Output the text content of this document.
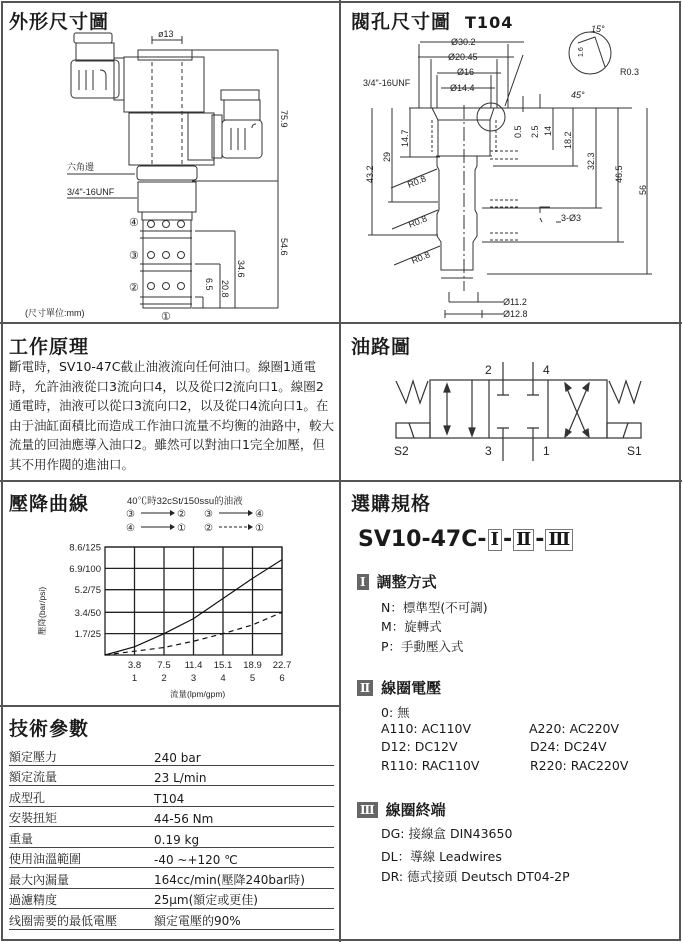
外形尺寸圖	閥孔尺寸圖 T104
工作原理	油路圖
壓降曲線	選購規格
技術參數
斷電時，SV10-47C截止油液流向任何油口。線圈1通電時，允許油液從口3流向口4，以及從口2流向口1。線圈2通電時，油液可以從口3流向口2，以及從口4流向口1。在由于油缸面積比而造成工作油口流量不均衡的油路中，較大流量的回油應導入油口2。雖然可以對油口1完全加壓，但其不用作閥的進油口。
額定壓力	240 bar
額定流量	23 L/min
成型孔	T104
安裝扭矩	44-56 Nm
重量	0.19 kg
使用油溫範圍	-40 ~+120 ℃
最大內漏量	164cc/min(壓降240bar時)
過濾精度	25μm(額定或更佳)
线圈需要的最低電壓	額定電壓的90%
SV10-47C - Ⅰ - Ⅱ - Ⅲ
Ⅰ 調整方式
N：標準型(不可調)
M：旋轉式
P：手動壓入式
Ⅱ 線圈電壓
0: 無
A110: AC110V	A220: AC220V
D12: DC12V	D24: DC24V
R110: RAC110V	R220: RAC220V
Ⅲ 線圈終端
DG: 接線盒 DIN43650
DL：導線 Leadwires
DR: 德式接頭 Deutsch DT04-2P
ø13
75.9
六角邊
3/4"-16UNF
54.6
34.6
20.8
6.5
④
③
②
①
(尺寸單位:mm)
Ø30.2
Ø20.45
Ø16
Ø14.4
3/4"-16UNF
15°
1.6
R0.3
45°
14.7
29
43.2
0.5 2.5 14
18.2
32.3
46.5
56
R0.8
R0.8
R0.8
3-Ø3
Ø11.2
Ø12.8
2	4
3	1
S2	S1
40℃時32cSt/150ssu的油液
③	② ③	④
④	① ②	①
1.7/25
3.4/50
5.2/75
6.9/100
8.6/125
3.8
1
7.5
2
11.4
3
15.1
4
18.9
5
22.7
6
壓降(bar/psi)
流量(lpm/gpm)
